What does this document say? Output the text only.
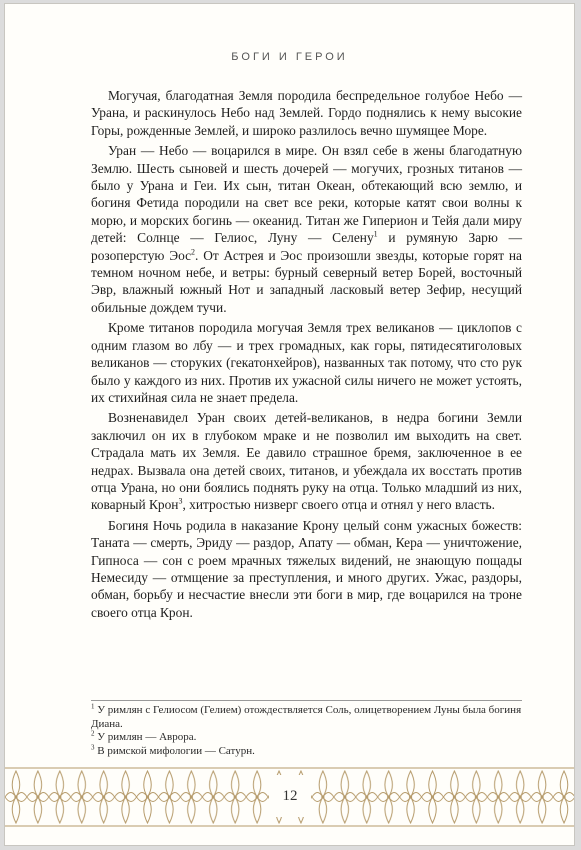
БОГИ И ГЕРОИ

Могучая, благодатная Земля породила беспредельное голубое Небо — Урана, и раскинулось Небо над Землей. Гордо поднялись к нему высокие Горы, рожденные Землей, и широко разлилось вечно шумящее Море.

Уран — Небо — воцарился в мире. Он взял себе в жены благодатную Землю. Шесть сыновей и шесть дочерей — могучих, грозных титанов — было у Урана и Геи. Их сын, титан Океан, обтекающий всю землю, и богиня Фетида породили на свет все реки, которые катят свои волны к морю, и морских богинь — океанид. Титан же Гиперион и Тейя дали миру детей: Солнце — Гелиос, Луну — Селену$^1$ и румяную Зарю — розоперстую Эос$^2$. От Астрея и Эос произошли звезды, которые горят на темном ночном небе, и ветры: бурный северный ветер Борей, восточный Эвр, влажный южный Нот и западный ласковый ветер Зефир, несущий обильные дождем тучи.

Кроме титанов породила могучая Земля трех великанов — циклопов с одним глазом во лбу — и трех громадных, как горы, пятидесятиголовых великанов — сторуких (гекатонхейров), названных так потому, что сто рук было у каждого из них. Против их ужасной силы ничего не может устоять, их стихийная сила не знает предела.

Возненавидел Уран своих детей-великанов, в недра богини Земли заключил он их в глубоком мраке и не позволил им выходить на свет. Страдала мать их Земля. Ее давило страшное бремя, заключенное в ее недрах. Вызвала она детей своих, титанов, и убеждала их восстать против отца Урана, но они боялись поднять руку на отца. Только младший из них, коварный Крон$^3$, хитростью низверг своего отца и отнял у него власть.

Богиня Ночь родила в наказание Крону целый сонм ужасных божеств: Таната — смерть, Эриду — раздор, Апату — обман, Кера — уничтожение, Гипноса — сон с роем мрачных тяжелых видений, не знающую пощады Немесиду — отмщение за преступления, и много других. Ужас, раздоры, обман, борьбу и несчастие внесли эти боги в мир, где воцарился на троне своего отца Крон.

$^1$ У римлян с Гелиосом (Гелием) отождествляется Соль, олицетворением Луны была богиня Диана.

$^2$ У римлян — Аврора.

$^3$ В римской мифологии — Сатурн.

12
